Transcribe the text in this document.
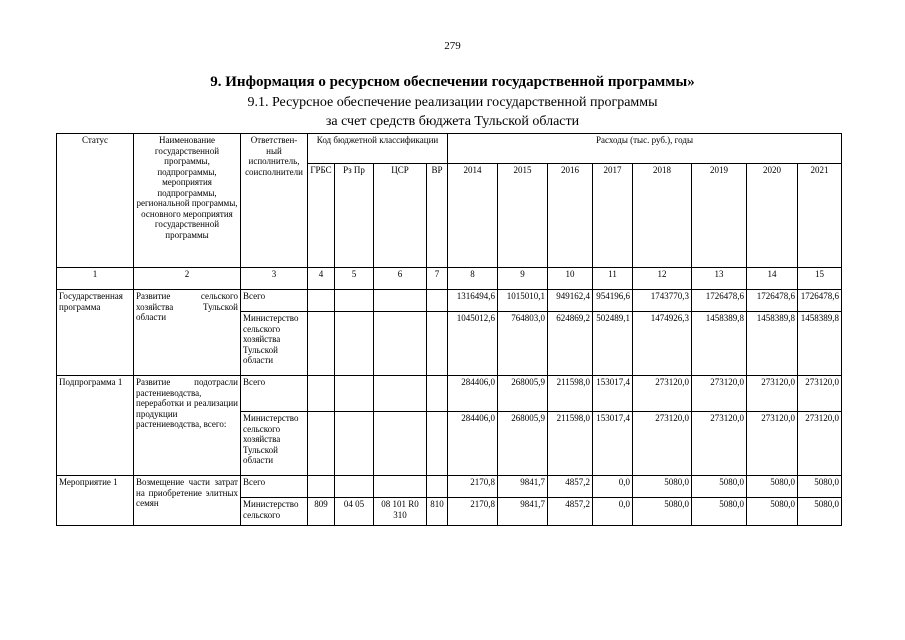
279
9. Информация о ресурсном обеспечении государственной программы»
9.1. Ресурсное обеспечение реализации государственной программы
за счет средств бюджета Тульской области
Статус	Наименование государственной программы, подпрограммы, мероприятия подпрограммы, региональной программы, основного мероприятия государственной программы	Ответствен-ный исполнитель, соисполнители	Код бюджетной классификации				Расходы (тыс. руб.), годы							
			ГРБС	Рз Пр	ЦСР	ВР	2014	2015	2016	2017	2018	2019	2020	2021
1	2	3	4	5	6	7	8	9	10	11	12	13	14	15
Государственная программа	Развитие сельского хозяйства Тульской области	Всего					1316494,6	1015010,1	949162,4	954196,6	1743770,3	1726478,6	1726478,6	1726478,6
		Министерство сельского хозяйства Тульской области					1045012,6	764803,0	624869,2	502489,1	1474926,3	1458389,8	1458389,8	1458389,8
Подпрограмма 1	Развитие подотрасли растениеводства, переработки и реализации продукции растениеводства, всего:	Всего					284406,0	268005,9	211598,0	153017,4	273120,0	273120,0	273120,0	273120,0
		Министерство сельского хозяйства Тульской области					284406,0	268005,9	211598,0	153017,4	273120,0	273120,0	273120,0	273120,0
Мероприятие 1	Возмещение части затрат на приобретение элитных семян	Всего					2170,8	9841,7	4857,2	0,0	5080,0	5080,0	5080,0	5080,0
		Министерство сельского	809	04 05	08 101 R0 310	810	2170,8	9841,7	4857,2	0,0	5080,0	5080,0	5080,0	5080,0
